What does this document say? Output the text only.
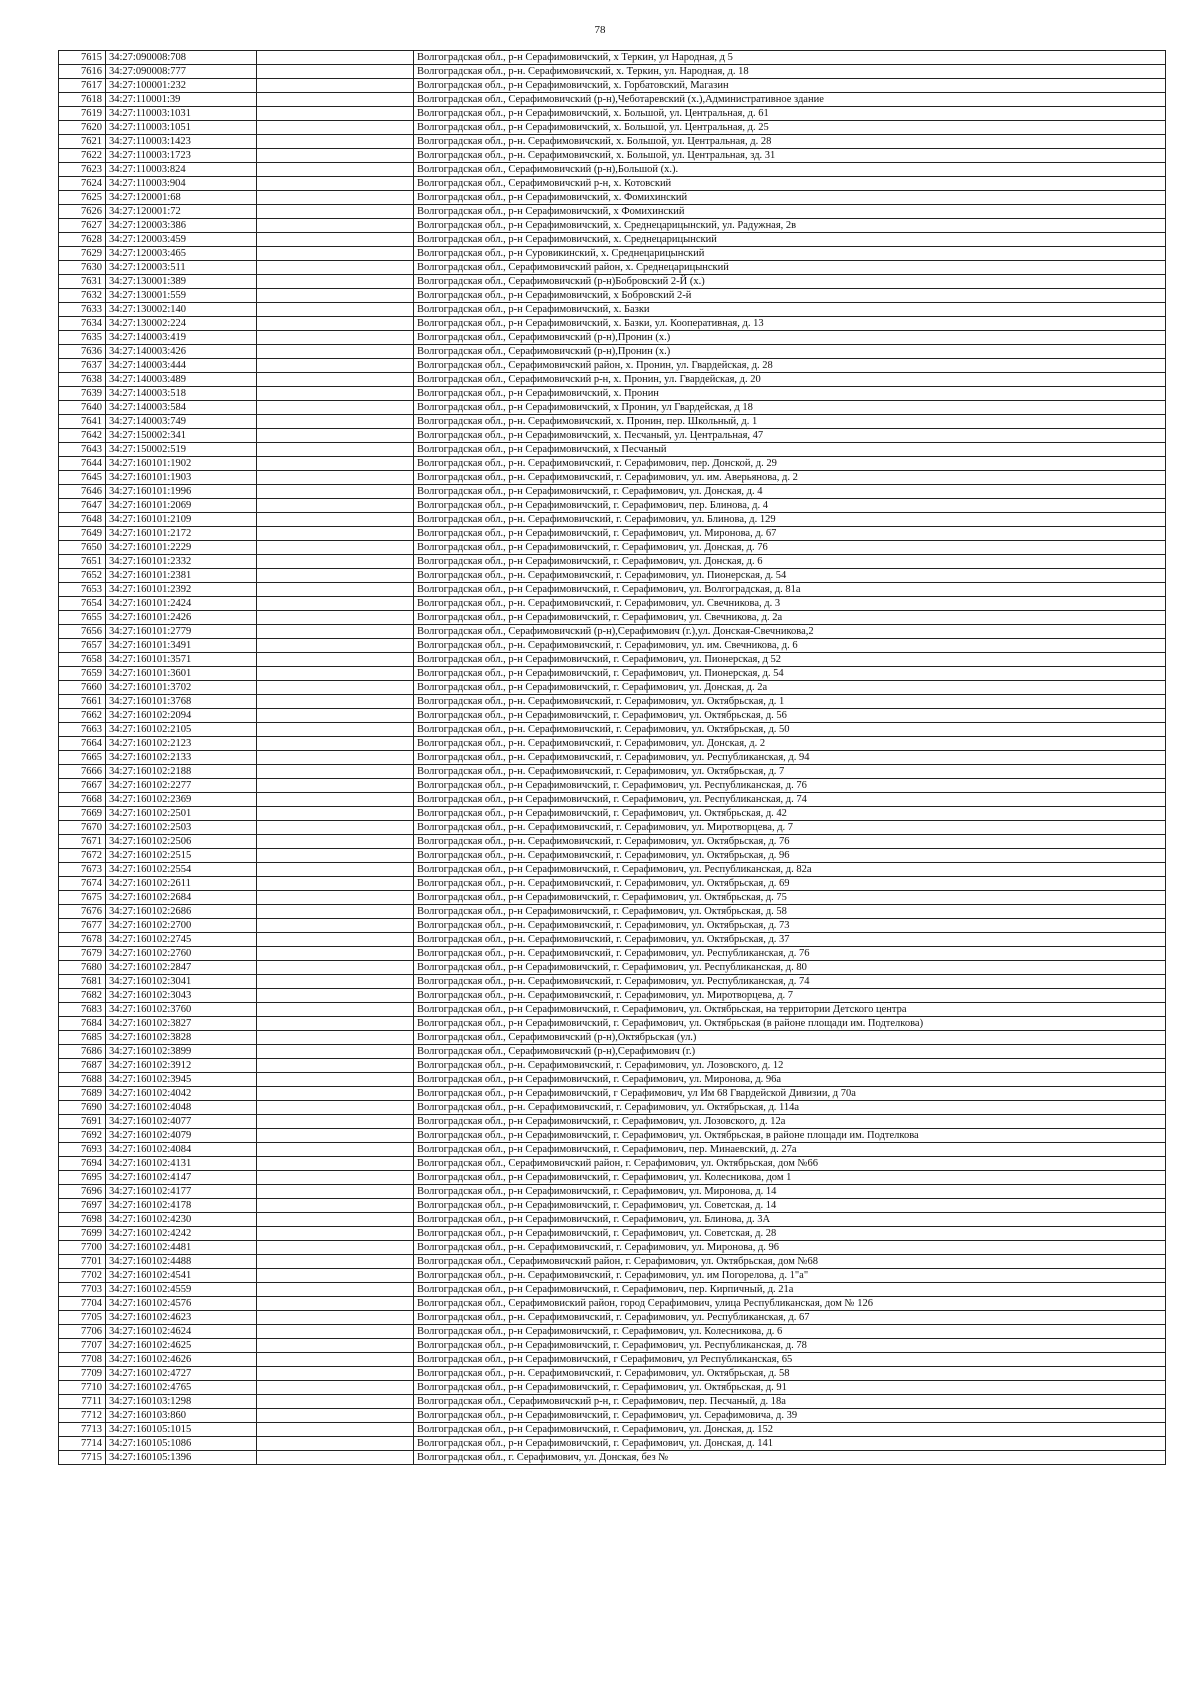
78
7615	34:27:090008:708		Волгоградская обл., р-н Серафимовичский, х Теркин, ул Народная, д 5
7616	34:27:090008:777		Волгоградская обл., р-н. Серафимовичский, х. Теркин, ул. Народная, д. 18
7617	34:27:100001:232		Волгоградская обл., р-н Серафимовичский, х. Горбатовский, Магазин
7618	34:27:110001:39		Волгоградская обл., Серафимовичский (р-н),Чеботаревский (х.),Административное здание
7619	34:27:110003:1031		Волгоградская обл., р-н Серафимовичский, х. Большой, ул. Центральная, д. 61
7620	34:27:110003:1051		Волгоградская обл., р-н Серафимовичский, х. Большой, ул. Центральная, д. 25
7621	34:27:110003:1423		Волгоградская обл., р-н. Серафимовичский, х. Большой, ул. Центральная, д. 28
7622	34:27:110003:1723		Волгоградская обл., р-н. Серафимовичский, х. Большой, ул. Центральная, зд. 31
7623	34:27:110003:824		Волгоградская обл., Серафимовичский (р-н),Большой (х.).
7624	34:27:110003:904		Волгоградская обл., Серафимовичский р-н, х. Котовский
7625	34:27:120001:68		Волгоградская обл., р-н Серафимовичский, х. Фомихинский
7626	34:27:120001:72		Волгоградская обл., р-н Серафимовичский, х Фомихинский
7627	34:27:120003:386		Волгоградская обл., р-н Серафимовичский, х. Среднецарицынский, ул. Радужная, 2в
7628	34:27:120003:459		Волгоградская обл., р-н Серафимовичский, х. Среднецарицынский
7629	34:27:120003:465		Волгоградская обл., р-н Суровикинский, х. Среднецарицынский
7630	34:27:120003:511		Волгоградская обл., Серафимовичский район, х. Среднецарицынский
7631	34:27:130001:389		Волгоградская обл., Серафимовичский (р-н)Бобровский 2-Й (х.)
7632	34:27:130001:559		Волгоградская обл., р-н Серафимовичский, х Бобровский 2-й
7633	34:27:130002:140		Волгоградская обл., р-н Серафимовичский, х. Базки
7634	34:27:130002:224		Волгоградская обл., р-н Серафимовичский, х. Базки, ул. Кооперативная, д. 13
7635	34:27:140003:419		Волгоградская обл., Серафимовичский (р-н),Пронин (х.)
7636	34:27:140003:426		Волгоградская обл., Серафимовичский (р-н),Пронин (х.)
7637	34:27:140003:444		Волгоградская обл., Серафимовичский район, х. Пронин, ул. Гвардейская, д. 28
7638	34:27:140003:489		Волгоградская обл., Серафимовичский р-н, х. Пронин, ул. Гвардейская, д. 20
7639	34:27:140003:518		Волгоградская обл., р-н Серафимовичский, х. Пронин
7640	34:27:140003:584		Волгоградская обл., р-н Серафимовичский, х Пронин, ул Гвардейская, д 18
7641	34:27:140003:749		Волгоградская обл., р-н. Серафимовичский, х. Пронин, пер. Школьный, д. 1
7642	34:27:150002:341		Волгоградская обл., р-н Серафимовичский, х. Песчаный, ул. Центральная, 47
7643	34:27:150002:519		Волгоградская обл., р-н Серафимовичский, х Песчаный
7644	34:27:160101:1902		Волгоградская обл., р-н. Серафимовичский, г. Серафимович, пер. Донской, д. 29
7645	34:27:160101:1903		Волгоградская обл., р-н. Серафимовичский, г. Серафимович, ул. им. Аверьянова, д. 2
7646	34:27:160101:1996		Волгоградская обл., р-н Серафимовичский, г. Серафимович, ул. Донская, д. 4
7647	34:27:160101:2069		Волгоградская обл., р-н Серафимовичский, г. Серафимович, пер. Блинова, д. 4
7648	34:27:160101:2109		Волгоградская обл., р-н. Серафимовичский, г. Серафимович, ул. Блинова, д. 129
7649	34:27:160101:2172		Волгоградская обл., р-н Серафимовичский, г. Серафимович, ул. Миронова, д. 67
7650	34:27:160101:2229		Волгоградская обл., р-н Серафимовичский, г. Серафимович, ул. Донская, д. 76
7651	34:27:160101:2332		Волгоградская обл., р-н Серафимовичский, г. Серафимович, ул. Донская, д. 6
7652	34:27:160101:2381		Волгоградская обл., р-н. Серафимовичский, г. Серафимович, ул. Пионерская, д. 54
7653	34:27:160101:2392		Волгоградская обл., р-н Серафимовичский, г. Серафимович, ул. Волгоградская, д. 81а
7654	34:27:160101:2424		Волгоградская обл., р-н. Серафимовичский, г. Серафимович, ул. Свечникова, д. 3
7655	34:27:160101:2426		Волгоградская обл., р-н Серафимовичский, г. Серафимович, ул. Свечникова, д. 2а
7656	34:27:160101:2779		Волгоградская обл., Серафимовичский (р-н),Серафимович (г.),ул. Донская-Свечникова,2
7657	34:27:160101:3491		Волгоградская обл., р-н. Серафимовичский, г. Серафимович, ул. им. Свечникова, д. 6
7658	34:27:160101:3571		Волгоградская обл., р-н Серафимовичский, г. Серафимович, ул. Пионерская, д 52
7659	34:27:160101:3601		Волгоградская обл., р-н Серафимовичский, г. Серафимович, ул. Пионерская, д. 54
7660	34:27:160101:3702		Волгоградская обл., р-н Серафимовичский, г. Серафимович, ул. Донская, д. 2а
7661	34:27:160101:3768		Волгоградская обл., р-н. Серафимовичский, г. Серафимович, ул. Октябрьская, д. 1
7662	34:27:160102:2094		Волгоградская обл., р-н Серафимовичский, г. Серафимович, ул. Октябрьская, д. 56
7663	34:27:160102:2105		Волгоградская обл., р-н. Серафимовичский, г. Серафимович, ул. Октябрьская, д. 50
7664	34:27:160102:2123		Волгоградская обл., р-н. Серафимовичский, г. Серафимович, ул. Донская, д. 2
7665	34:27:160102:2133		Волгоградская обл., р-н. Серафимовичский, г. Серафимович, ул. Республиканская, д. 94
7666	34:27:160102:2188		Волгоградская обл., р-н. Серафимовичский, г. Серафимович, ул. Октябрьская, д. 7
7667	34:27:160102:2277		Волгоградская обл., р-н Серафимовичский, г. Серафимович, ул. Республиканская, д. 76
7668	34:27:160102:2369		Волгоградская обл., р-н Серафимовичский, г. Серафимович, ул. Республиканская, д. 74
7669	34:27:160102:2501		Волгоградская обл., р-н Серафимовичский, г. Серафимович, ул. Октябрьская, д. 42
7670	34:27:160102:2503		Волгоградская обл., р-н. Серафимовичский, г. Серафимович, ул. Миротворцева, д. 7
7671	34:27:160102:2506		Волгоградская обл., р-н. Серафимовичский, г. Серафимович, ул. Октябрьская, д. 76
7672	34:27:160102:2515		Волгоградская обл., р-н. Серафимовичский, г. Серафимович, ул. Октябрьская, д. 96
7673	34:27:160102:2554		Волгоградская обл., р-н Серафимовичский, г. Серафимович, ул. Республиканская, д. 82а
7674	34:27:160102:2611		Волгоградская обл., р-н. Серафимовичский, г. Серафимович, ул. Октябрьская, д. 69
7675	34:27:160102:2684		Волгоградская обл., р-н Серафимовичский, г. Серафимович, ул. Октябрьская, д. 75
7676	34:27:160102:2686		Волгоградская обл., р-н Серафимовичский, г. Серафимович, ул. Октябрьская, д. 58
7677	34:27:160102:2700		Волгоградская обл., р-н. Серафимовичский, г. Серафимович, ул. Октябрьская, д. 73
7678	34:27:160102:2745		Волгоградская обл., р-н. Серафимовичский, г. Серафимович, ул. Октябрьская, д. 37
7679	34:27:160102:2760		Волгоградская обл., р-н. Серафимовичский, г. Серафимович, ул. Республиканская, д. 76
7680	34:27:160102:2847		Волгоградская обл., р-н Серафимовичский, г. Серафимович, ул. Республиканская, д. 80
7681	34:27:160102:3041		Волгоградская обл., р-н. Серафимовичский, г. Серафимович, ул. Республиканская, д. 74
7682	34:27:160102:3043		Волгоградская обл., р-н. Серафимовичский, г. Серафимович, ул. Миротворцева, д. 7
7683	34:27:160102:3760		Волгоградская обл., р-н Серафимовичский, г. Серафимович, ул. Октябрьская, на территории Детского центра
7684	34:27:160102:3827		Волгоградская обл., р-н Серафимовичский, г. Серафимович, ул. Октябрьская (в районе площади им. Подтелкова)
7685	34:27:160102:3828		Волгоградская обл., Серафимовичский (р-н),Октябрьская (ул.)
7686	34:27:160102:3899		Волгоградская обл., Серафимовичский (р-н),Серафимович (г.)
7687	34:27:160102:3912		Волгоградская обл., р-н. Серафимовичский, г. Серафимович, ул. Лозовского, д. 12
7688	34:27:160102:3945		Волгоградская обл., р-н Серафимовичский, г. Серафимович, ул. Миронова, д. 96а
7689	34:27:160102:4042		Волгоградская обл., р-н Серафимовичский, г Серафимович, ул Им 68 Гвардейской Дивизии, д 70а
7690	34:27:160102:4048		Волгоградская обл., р-н. Серафимовичский, г. Серафимович, ул. Октябрьская, д. 114а
7691	34:27:160102:4077		Волгоградская обл., р-н Серафимовичский, г. Серафимович, ул. Лозовского, д. 12а
7692	34:27:160102:4079		Волгоградская обл., р-н Серафимовичский, г. Серафимович, ул. Октябрьская, в районе площади им. Подтелкова
7693	34:27:160102:4084		Волгоградская обл., р-н Серафимовичский, г. Серафимович, пер. Минаевский, д. 27а
7694	34:27:160102:4131		Волгоградская обл., Серафимовичский район, г. Серафимович, ул. Октябрьская, дом №66
7695	34:27:160102:4147		Волгоградская обл., р-н Серафимовичский, г. Серафимович, ул. Колесникова, дом 1
7696	34:27:160102:4177		Волгоградская обл., р-н Серафимовичский, г. Серафимович, ул. Миронова, д. 14
7697	34:27:160102:4178		Волгоградская обл., р-н Серафимовичский, г. Серафимович, ул. Советская, д. 14
7698	34:27:160102:4230		Волгоградская обл., р-н Серафимовичский, г. Серафимович, ул. Блинова, д. 3А
7699	34:27:160102:4242		Волгоградская обл., р-н Серафимовичский, г. Серафимович, ул. Советская, д. 28
7700	34:27:160102:4481		Волгоградская обл., р-н. Серафимовичский, г. Серафимович, ул. Миронова, д. 96
7701	34:27:160102:4488		Волгоградская обл., Серафимовичский район, г. Серафимович, ул. Октябрьская, дом №68
7702	34:27:160102:4541		Волгоградская обл., р-н. Серафимовичский, г. Серафимович, ул. им Погорелова, д. 1"а"
7703	34:27:160102:4559		Волгоградская обл., р-н Серафимовичский, г. Серафимович, пер. Кирпичный, д. 21а
7704	34:27:160102:4576		Волгоградская обл., Серафимовиский район, город Серафимович, улица Республиканская, дом № 126
7705	34:27:160102:4623		Волгоградская обл., р-н. Серафимовичский, г. Серафимович, ул. Республиканская, д. 67
7706	34:27:160102:4624		Волгоградская обл., р-н Серафимовичский, г. Серафимович, ул. Колесникова, д. 6
7707	34:27:160102:4625		Волгоградская обл., р-н Серафимовичский, г. Серафимович, ул. Республиканская, д. 78
7708	34:27:160102:4626		Волгоградская обл., р-н Серафимовичский, г Серафимович, ул Республиканская, 65
7709	34:27:160102:4727		Волгоградская обл., р-н. Серафимовичский, г. Серафимович, ул. Октябрьская, д. 58
7710	34:27:160102:4765		Волгоградская обл., р-н Серафимовичский, г. Серафимович, ул. Октябрьская, д. 91
7711	34:27:160103:1298		Волгоградская обл., Серафимовичский р-н, г. Серафимович, пер. Песчаный, д. 18а
7712	34:27:160103:860		Волгоградская обл., р-н Серафимовичский, г. Серафимович, ул. Серафимовича, д. 39
7713	34:27:160105:1015		Волгоградская обл., р-н Серафимовичский, г. Серафимович, ул. Донская, д. 152
7714	34:27:160105:1086		Волгоградская обл., р-н Серафимовичский, г. Серафимович, ул. Донская, д. 141
7715	34:27:160105:1396		Волгоградская обл., г. Серафимович, ул. Донская, без №
